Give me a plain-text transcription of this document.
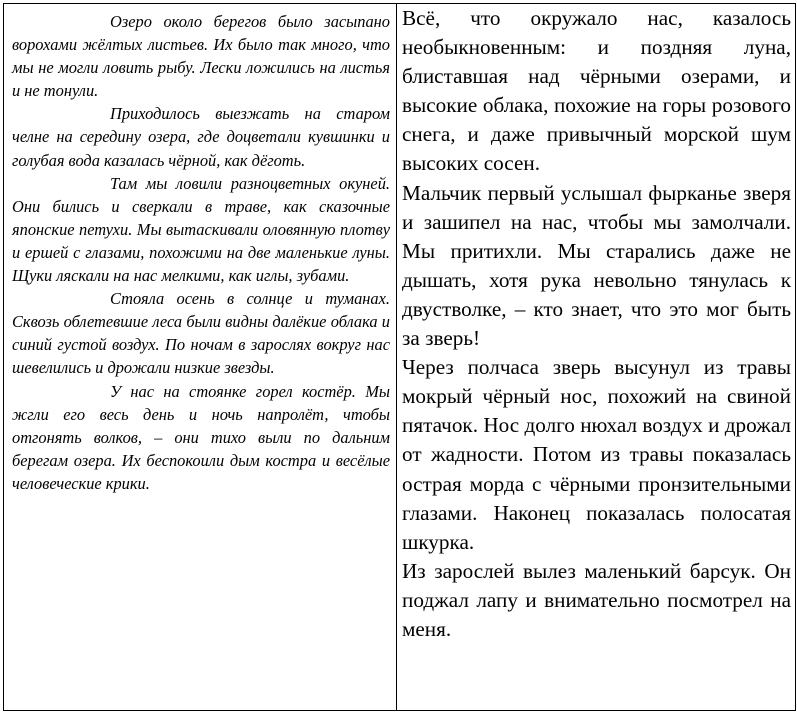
Озеро около берегов было засыпано ворохами жёлтых листьев. Их было так много, что мы не могли ловить рыбу. Лески ложились на листья и не тонули.

Приходилось выезжать на старом челне на середину озера, где доцветали кувшинки и голубая вода казалась чёрной, как дёготь.

Там мы ловили разноцветных окуней. Они бились и сверкали в траве, как сказочные японские петухи. Мы вытаскивали оловянную плотву и ершей с глазами, похожими на две маленькие луны. Щуки ляскали на нас мелкими, как иглы, зубами.

Стояла осень в солнце и туманах. Сквозь облетевшие леса были видны далёкие облака и синий густой воздух. По ночам в зарослях вокруг нас шевелились и дрожали низкие звезды.

У нас на стоянке горел костёр. Мы жгли его весь день и ночь напролёт, чтобы отгонять волков, – они тихо выли по дальним берегам озера. Их беспокоили дым костра и весёлые человеческие крики.

Всё, что окружало нас, казалось необыкновенным: и поздняя луна, блиставшая над чёрными озерами, и высокие облака, похожие на горы розового снега, и даже привычный морской шум высоких сосен.

Мальчик первый услышал фырканье зверя и зашипел на нас, чтобы мы замолчали. Мы притихли. Мы старались даже не дышать, хотя рука невольно тянулась к двустволке, – кто знает, что это мог быть за зверь!

Через полчаса зверь высунул из травы мокрый чёрный нос, похожий на свиной пятачок. Нос долго нюхал воздух и дрожал от жадности. Потом из травы показалась острая морда с чёрными пронзительными глазами. Наконец показалась полосатая шкурка.

Из зарослей вылез маленький барсук. Он поджал лапу и внимательно посмотрел на меня.
